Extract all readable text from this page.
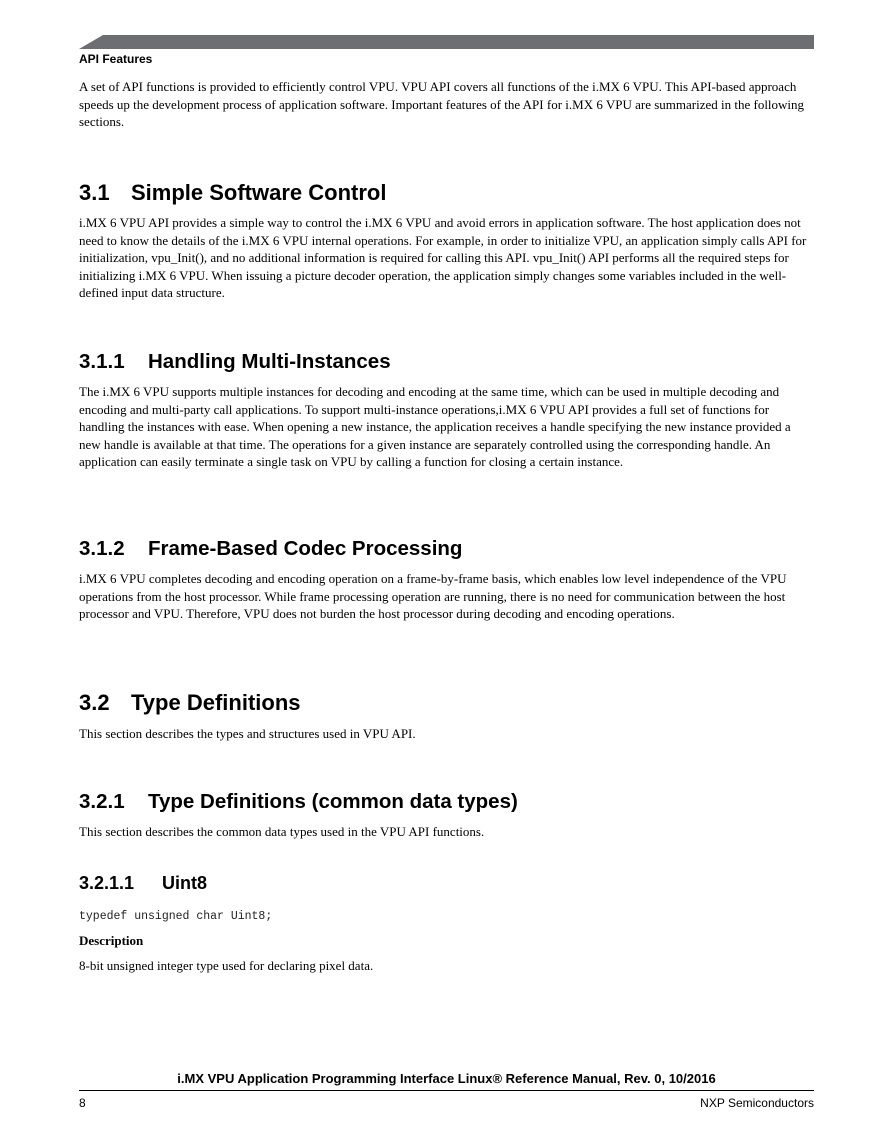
API Features

A set of API functions is provided to efficiently control VPU. VPU API covers all functions of the i.MX 6 VPU. This API-based approach speeds up the development process of application software. Important features of the API for i.MX 6 VPU are summarized in the following sections.

3.1 Simple Software Control

i.MX 6 VPU API provides a simple way to control the i.MX 6 VPU and avoid errors in application software. The host application does not need to know the details of the i.MX 6 VPU internal operations. For example, in order to initialize VPU, an application simply calls API for initialization, vpu_Init(), and no additional information is required for calling this API. vpu_Init() API performs all the required steps for initializing i.MX 6 VPU. When issuing a picture decoder operation, the application simply changes some variables included in the well-defined input data structure.

3.1.1 Handling Multi-Instances

The i.MX 6 VPU supports multiple instances for decoding and encoding at the same time, which can be used in multiple decoding and encoding and multi-party call applications. To support multi-instance operations,i.MX 6 VPU API provides a full set of functions for handling the instances with ease. When opening a new instance, the application receives a handle specifying the new instance provided a new handle is available at that time. The operations for a given instance are separately controlled using the corresponding handle. An application can easily terminate a single task on VPU by calling a function for closing a certain instance.

3.1.2 Frame-Based Codec Processing

i.MX 6 VPU completes decoding and encoding operation on a frame-by-frame basis, which enables low level independence of the VPU operations from the host processor. While frame processing operation are running, there is no need for communication between the host processor and VPU. Therefore, VPU does not burden the host processor during decoding and encoding operations.

3.2 Type Definitions

This section describes the types and structures used in VPU API.

3.2.1 Type Definitions (common data types)

This section describes the common data types used in the VPU API functions.

3.2.1.1 Uint8

typedef unsigned char Uint8;

Description

8-bit unsigned integer type used for declaring pixel data.

i.MX VPU Application Programming Interface Linux® Reference Manual, Rev. 0, 10/2016
8	NXP Semiconductors
